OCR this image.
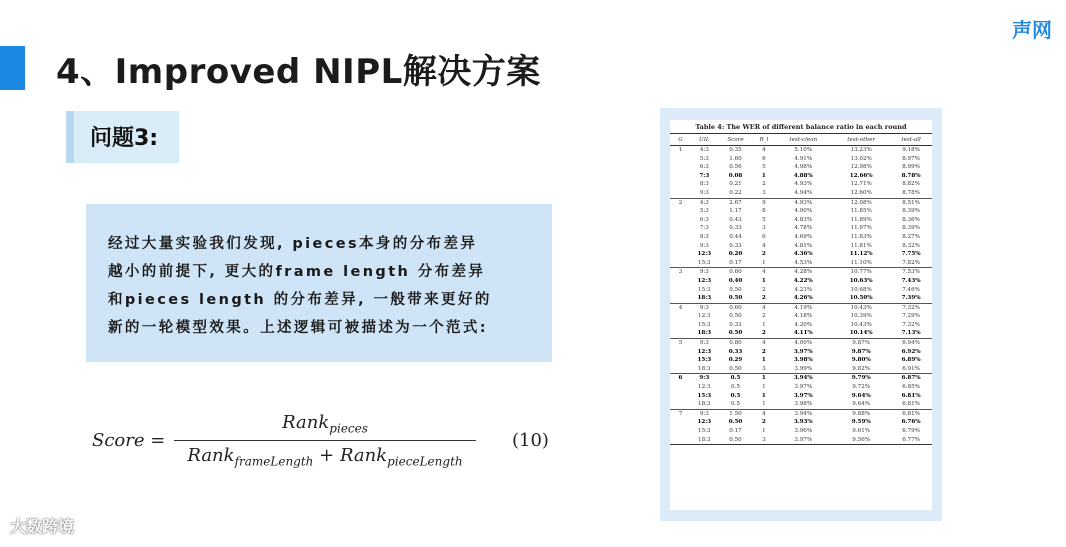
4、Improved NIPL解决方案
声网
问题3:

经过大量实验我们发现, pieces本身的分布差异

越小的前提下, 更大的frame length 分布差异

和pieces length 的分布差异, 一般带来更好的

新的一轮模型效果。上述逻辑可被描述为一个范式:

Score =
Rank$_{pieces}$
Rank$_{frameLength}$ + Rank$_{pieceLength}$
(10)
Table 4: The WER of different balance ratio in each round
G	UIL	Score	R_l	test-clean	test-other	test-all
1	4:3	0.35	4	5.10%	13.23%	9.18%
	5:3	1.60	6	4.91%	13.02%	8.97%
	6:3	0.56	5	4.98%	12.98%	8.99%
	7:3	0.08	1	4.88%	12.66%	8.78%
	8:3	0.21	2	4.93%	12.71%	8.82%
	9:3	0.22	3	4.94%	12.60%	8.78%
2	4:3	2.67	9	4.93%	12.08%	8.51%
	5:3	1.17	8	4.90%	11.85%	8.39%
	6:3	0.43	5	4.83%	11.89%	8.36%
	7:3	0.33	3	4.78%	11.97%	8.39%
	8:3	0.44	6	4.69%	11.83%	8.27%
	9:3	0.33	4	4.81%	11.81%	8.32%
	12:3	0.20	2	4.36%	11.12%	7.75%
	15:3	0.17	1	4.53%	11.10%	7.82%
3	9:3	0.60	4	4.28%	10.77%	7.53%
	12:3	0.40	1	4.22%	10.63%	7.43%
	15:3	0.50	2	4.23%	10.68%	7.46%
	18:3	0.50	2	4.26%	10.50%	7.39%
4	9:3	0.60	4	4.19%	10.43%	7.32%
	12:3	0.50	2	4.18%	10.39%	7.29%
	15:3	0.33	1	4.20%	10.43%	7.32%
	18:3	0.50	2	4.11%	10.14%	7.13%
5	9:3	0.80	4	4.00%	9.87%	6.94%
	12:3	0.33	2	3.97%	9.87%	6.92%
	15:3	0.29	1	3.98%	9.80%	6.89%
	18:3	0.50	3	3.99%	9.82%	6.91%
6	9:3	0.5	1	3.94%	9.79%	6.87%
	12:3	0.5	1	3.97%	9.72%	6.85%
	15:3	0.5	1	3.97%	9.64%	6.81%
	18:3	0.5	1	3.98%	9.64%	6.81%
7	9:3	1.50	4	3.94%	9.88%	6.81%
	12:3	0.50	2	3.93%	9.59%	6.76%
	15:3	0.17	1	3.96%	9.61%	6.79%
	18:3	0.50	3	3.97%	9.56%	6.77%
大数跨境
